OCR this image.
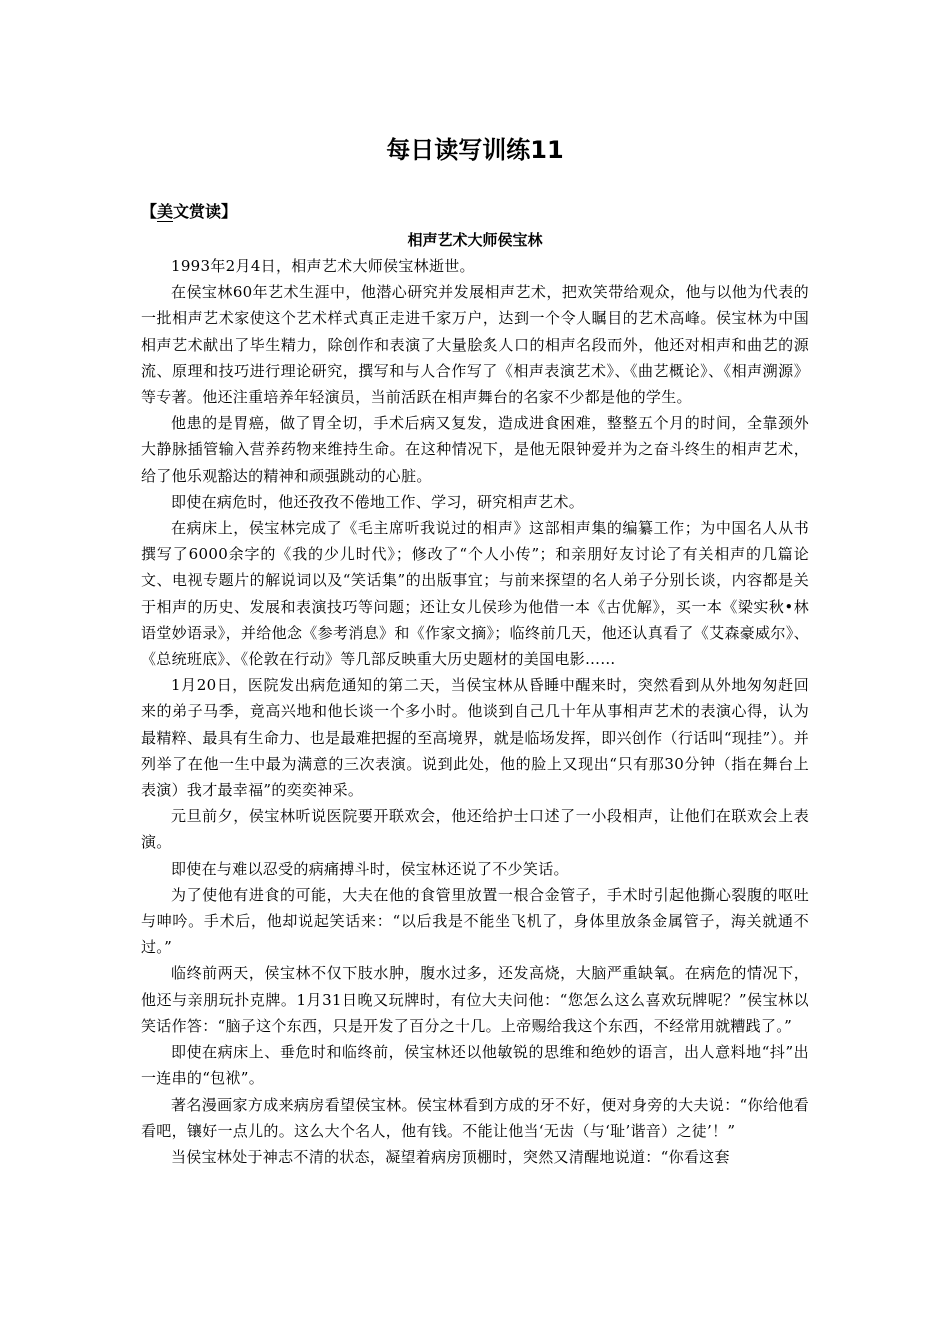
每日读写训练11
【美文赏读】
相声艺术大师侯宝林

1993年2月4日，相声艺术大师侯宝林逝世。

在侯宝林60年艺术生涯中，他潜心研究并发展相声艺术，把欢笑带给观众，他与以他为代表的一批相声艺术家使这个艺术样式真正走进千家万户，达到一个令人瞩目的艺术高峰。侯宝林为中国相声艺术献出了毕生精力，除创作和表演了大量脍炙人口的相声名段而外，他还对相声和曲艺的源流、原理和技巧进行理论研究，撰写和与人合作写了《相声表演艺术》、《曲艺概论》、《相声溯源》等专著。他还注重培养年轻演员，当前活跃在相声舞台的名家不少都是他的学生。

他患的是胃癌，做了胃全切，手术后病又复发，造成进食困难，整整五个月的时间，全靠颈外大静脉插管输入营养药物来维持生命。在这种情况下，是他无限钟爱并为之奋斗终生的相声艺术，给了他乐观豁达的精神和顽强跳动的心脏。

即使在病危时，他还孜孜不倦地工作、学习，研究相声艺术。

在病床上，侯宝林完成了《毛主席听我说过的相声》这部相声集的编纂工作；为中国名人从书撰写了6000余字的《我的少儿时代》；修改了“个人小传”；和亲朋好友讨论了有关相声的几篇论文、电视专题片的解说词以及“笑话集”的出版事宜；与前来探望的名人弟子分别长谈，内容都是关于相声的历史、发展和表演技巧等问题；还让女儿侯珍为他借一本《古优解》，买一本《梁实秋•林语堂妙语录》，并给他念《参考消息》和《作家文摘》；临终前几天，他还认真看了《艾森豪威尔》、《总统班底》、《伦敦在行动》等几部反映重大历史题材的美国电影……

1月20日，医院发出病危通知的第二天，当侯宝林从昏睡中醒来时，突然看到从外地匆匆赶回来的弟子马季，竟高兴地和他长谈一个多小时。他谈到自己几十年从事相声艺术的表演心得，认为最精粹、最具有生命力、也是最难把握的至高境界，就是临场发挥，即兴创作（行话叫“现挂”）。并列举了在他一生中最为满意的三次表演。说到此处，他的脸上又现出“只有那30分钟（指在舞台上表演）我才最幸福”的奕奕神采。

元旦前夕，侯宝林听说医院要开联欢会，他还给护士口述了一小段相声，让他们在联欢会上表演。

即使在与难以忍受的病痛搏斗时，侯宝林还说了不少笑话。

为了使他有进食的可能，大夫在他的食管里放置一根合金管子，手术时引起他撕心裂腹的呕吐与呻吟。手术后，他却说起笑话来：“以后我是不能坐飞机了，身体里放条金属管子，海关就通不过。”

临终前两天，侯宝林不仅下肢水肿，腹水过多，还发高烧，大脑严重缺氧。在病危的情况下，他还与亲朋玩扑克牌。1月31日晚又玩牌时，有位大夫问他：“您怎么这么喜欢玩牌呢？”侯宝林以笑话作答：“脑子这个东西，只是开发了百分之十几。上帝赐给我这个东西，不经常用就糟践了。”

即使在病床上、垂危时和临终前，侯宝林还以他敏锐的思维和绝妙的语言，出人意料地“抖”出一连串的“包袱”。

著名漫画家方成来病房看望侯宝林。侯宝林看到方成的牙不好，便对身旁的大夫说：“你给他看看吧，镶好一点儿的。这么大个名人，他有钱。不能让他当‘无齿（与‘耻’谐音）之徒’！”

当侯宝林处于神志不清的状态，凝望着病房顶棚时，突然又清醒地说道：“你看这套
